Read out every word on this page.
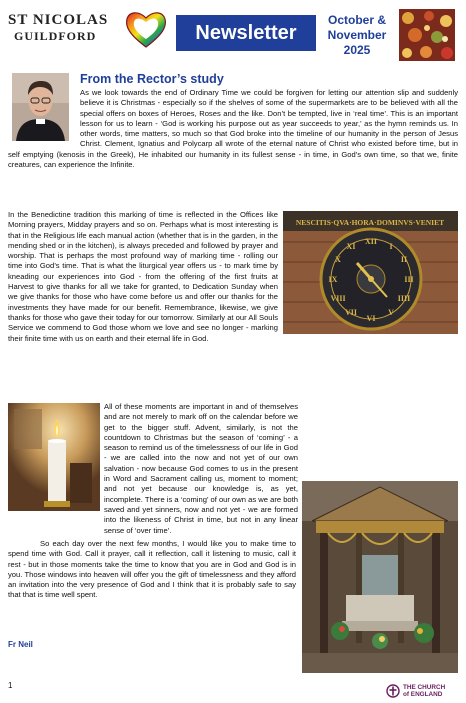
ST NICOLAS
GUILDFORD	Newsletter
October &
November
2025
From the Rector’s study
As we look towards the end of Ordinary Time we could be forgiven for letting our attention slip and suddenly believe it is Christmas - especially so if the shelves of some of the supermarkets are to be believed with all the special offers on boxes of Heroes, Roses and the like. Don’t be tempted, live in ‘real time’. This is an important lesson for us to learn - ‘God is working his purpose out as year succeeds to year,’ as the hymn reminds us. In other words, time matters, so much so that God broke into the timeline of our humanity in the person of Jesus Christ. Clement, Ignatius and Polycarp all wrote of the eternal nature of Christ who existed before time, but in self emptying (kenosis in the Greek), He inhabited our humanity in its fullest sense - in time, in God’s own time, so that we, finite creatures, can experience the Infinite.
NESCITIS·QVA·HORA·DOMINVS·VENIET
XII
I
II
III
IIII
V
VI
VII
VIII
IX
X
XI
In the Benedictine tradition this marking of time is reflected in the Offices like Morning prayers, Midday prayers and so on. Perhaps what is most interesting is that in the Religious life each manual action (whether that is in the garden, in the mending shed or in the kitchen), is always preceded and followed by prayer and worship. That is perhaps the most profound way of marking time - rolling our time into God’s time. That is what the liturgical year offers us - to mark time by kneading our experiences into God - from the offering of the first fruits at Harvest to give thanks for all we take for granted, to Dedication Sunday when we give thanks for those who have come before us and offer our thanks for the investments they have made for our benefit. Remembrance, likewise, we give thanks for those who gave their today for our tomorrow. Similarly at our All Souls Service we commend to God those whom we love and see no longer - marking their finite time with us on earth and their eternal life in God.
All of these moments are important in and of themselves and are not merely to mark off on the calendar before we get to the bigger stuff. Advent, similarly, is not the countdown to Christmas but the season of ‘coming’ - a season to remind us of the timelessness of our life in God - we are called into the now and not yet of our own salvation - now because God comes to us in the present in Word and Sacrament calling us, moment to moment; and not yet because our knowledge is, as yet, incomplete. There is a ‘coming’ of our own as we are both saved and yet sinners, now and not yet - we are formed into the likeness of Christ in time, but not in any linear sense of ‘over time’.
So each day over the next few months, I would like you to make time to spend time with God. Call it prayer, call it reflection, call it listening to music, call it rest - but in those moments take the time to know that you are in God and God is in you. Those windows into heaven will offer you the gift of timelessness and they afford an invitation into the very presence of God and I think that it is probably safe to say that that is time well spent.
Fr Neil
1	THE CHURCH
of ENGLAND
